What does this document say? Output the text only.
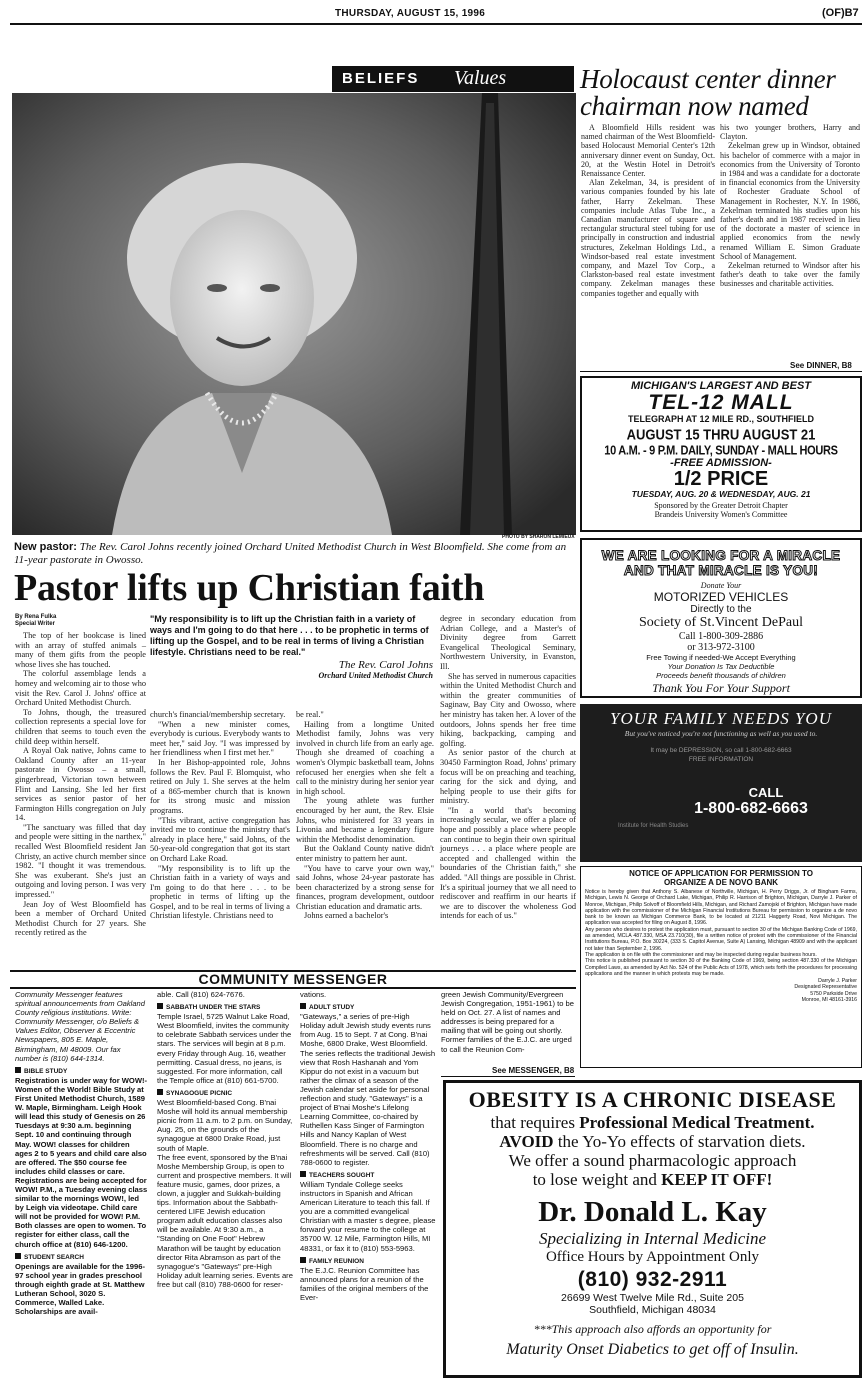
THURSDAY, AUGUST 15, 1996	(OF)B7
BELIEFS Values
PHOTO BY SHARON LEMIEUX
New pastor: The Rev. Carol Johns recently joined Orchard United Methodist Church in West Bloomfield. She come from an 11-year pastorate in Owosso.
Pastor lifts up Christian faith
By Rena Fulka
Special Writer	"My responsibility is to lift up the Christian faith in a variety of ways and I'm going to do that here . . . to be prophetic in terms of lifting up the Gospel, and to be real in terms of living a Christian lifestyle. Christians need to be real."
The Rev. Carol Johns
Orchard United Methodist Church

The top of her bookcase is lined with an array of stuffed animals – many of them gifts from the people whose lives she has touched.

The colorful assemblage lends a homey and welcoming air to those who visit the Rev. Carol J. Johns' office at Orchard United Methodist Church.

To Johns, though, the treasured collection represents a special love for children that seems to touch even the child deep within herself.

A Royal Oak native, Johns came to Oakland County after an 11-year pastorate in Owosso – a small, gingerbread, Victorian town between Flint and Lansing. She led her first services as senior pastor of her Farmington Hills congregation on July 14.

"The sanctuary was filled that day and people were sitting in the narthex," recalled West Bloomfield resident Jan Christy, an active church member since 1982. "I thought it was tremendous. She was exuberant. She's just an outgoing and loving person. I was very impressed."

Jean Joy of West Bloomfield has been a member of Orchard United Methodist Church for 27 years. She recently retired as the

church's financial/membership secretary.

"When a new minister comes, everybody is curious. Everybody wants to meet her," said Joy. "I was impressed by her friendliness when I first met her."

In her Bishop-appointed role, Johns follows the Rev. Paul F. Blomquist, who retired on July 1. She serves at the helm of a 865-member church that is known for its strong music and mission programs.

"This vibrant, active congregation has invited me to continue the ministry that's already in place here," said Johns, of the 50-year-old congregation that got its start on Orchard Lake Road.

"My responsibility is to lift up the Christian faith in a variety of ways and I'm going to do that here . . . to be prophetic in terms of lifting up the Gospel, and to be real in terms of living a Christian lifestyle. Christians need to

be real."

Hailing from a longtime United Methodist family, Johns was very involved in church life from an early age. Though she dreamed of coaching a women's Olympic basketball team, Johns refocused her energies when she felt a call to the ministry during her senior year in high school.

The young athlete was further encouraged by her aunt, the Rev. Elsie Johns, who ministered for 33 years in Livonia and became a legendary figure within the Methodist denomination.

But the Oakland County native didn't enter ministry to pattern her aunt.

"You have to carve your own way," said Johns, whose 24-year pastorate has been characterized by a strong sense for finances, program development, outdoor Christian education and dramatic arts.

Johns earned a bachelor's

degree in secondary education from Adrian College, and a Master's of Divinity degree from Garrett Evangelical Theological Seminary, Northwestern University, in Evanston, Ill.

She has served in numerous capacities within the United Methodist Church and within the greater communities of Saginaw, Bay City and Owosso, where her ministry has taken her. A lover of the outdoors, Johns spends her free time hiking, backpacking, camping and golfing.

As senior pastor of the church at 30450 Farmington Road, Johns' primary focus will be on preaching and teaching, caring for the sick and dying, and helping people to use their gifts for ministry.

"In a world that's becoming increasingly secular, we offer a place of hope and possibly a place where people can continue to begin their own spiritual journeys . . . a place where people are accepted and challenged within the boundaries of the Christian faith," she added. "All things are possible in Christ. It's a spiritual journey that we all need to rediscover and reaffirm in our hearts if we are to discover the wholeness God intends for each of us."

Holocaust center dinner chairman now named

A Bloomfield Hills resident was named chairman of the West Bloomfield-based Holocaust Memorial Center's 12th anniversary dinner event on Sunday, Oct. 20, at the Westin Hotel in Detroit's Renaissance Center.

Alan Zekelman, 34, is president of various companies founded by his late father, Harry Zekelman. These companies include Atlas Tube Inc., a Canadian manufacturer of square and rectangular structural steel tubing for use principally in construction and industrial structures, Zekelman Holdings Ltd., a Windsor-based real estate investment company, and Mazel Tov Corp., a Clarkston-based real estate investment company. Zekelman manages these companies together and equally with

his two younger brothers, Harry and Clayton.

Zekelman grew up in Windsor, obtained his bachelor of commerce with a major in economics from the University of Toronto in 1984 and was a candidate for a doctorate in financial economics from the University of Rochester Graduate School of Management in Rochester, N.Y. In 1986, Zekelman terminated his studies upon his father's death and in 1987 received in lieu of the doctorate a master of science in applied economics from the newly renamed William E. Simon Graduate School of Management.

Zekelman returned to Windsor after his father's death to take over the family businesses and charitable activities.

See DINNER, B8
MICHIGAN'S LARGEST AND BEST
TEL-12 MALL
TELEGRAPH AT 12 MILE RD., SOUTHFIELD
AUGUST 15 THRU AUGUST 21
10 A.M. - 9 P.M. DAILY, SUNDAY - MALL HOURS
-FREE ADMISSION-
1/2 PRICE
TUESDAY, AUG. 20 & WEDNESDAY, AUG. 21
Sponsored by the Greater Detroit Chapter
Brandeis University Women's Committee
WE ARE LOOKING FOR A MIRACLE
AND THAT MIRACLE IS YOU!
Donate Your
MOTORIZED VEHICLES
Directly to the
Society of St.Vincent DePaul
Call 1-800-309-2886
or 313-972-3100
Free Towing if needed-We Accept Everything
Your Donation Is Tax Deductible
Proceeds benefit thousands of children
Thank You For Your Support
YOUR FAMILY NEEDS YOU
But you've noticed you're not functioning as well as you used to.
It may be DEPRESSION, so call 1-800-682-6663
FREE INFORMATION
CALL
1-800-682-6663
Institute for Health Studies
NOTICE OF APPLICATION FOR PERMISSION TO
ORGANIZE A DE NOVO BANK

Notice is hereby given that Anthony S. Albanese of Northville, Michigan, H. Perry Driggs, Jr. of Bingham Farms, Michigan, Lewis N. George of Orchard Lake, Michigan, Philip R. Harrison of Brighton, Michigan, Darryle J. Parker of Monroe, Michigan, Philip Solvoff of Bloomfield Hills, Michigan, and Richard Zamojski of Brighton, Michigan have made application with the commissioner of the Michigan Financial Institutions Bureau for permission to organize a de novo bank to be known as Michigan Commerce Bank, to be located at 21211 Haggerty Road, Novi Michigan. The application was accepted for filing on August 8, 1996.

Any person who desires to protest the application must, pursuant to section 30 of the Michigan Banking Code of 1969, as amended, MCLA 487.330, MSA 23.710(30), file a written notice of protest with the commissioner of the Financial Institutions Bureau, P.O. Box 30224, (333 S. Capitol Avenue, Suite A) Lansing, Michigan 48909 and with the applicant not later than September 2, 1996.

The application is on file with the commissioner and may be inspected during regular business hours.

This notice is published pursuant to section 30 of the Banking Code of 1969, being section 487.330 of the Michigan Compiled Laws, as amended by Act No. 524 of the Public Acts of 1978, which sets forth the procedures for processing applications and the manner in which protests may be made.

Darryle J. Parker
Designated Representative
5750 Parkside Drive
Monroe, MI 48161-3916
COMMUNITY MESSENGER
Community Messenger features spiritual announcements from Oakland County religious institutions. Write: Community Messenger, c/o Beliefs & Values Editor, Observer & Eccentric Newspapers, 805 E. Maple, Birmingham, MI 48009. Our fax number is (810) 644-1314.
BIBLE STUDY
Registration is under way for WOW!-Women of the World! Bible Study at First United Methodist Church, 1589 W. Maple, Birmingham. Leigh Hook will lead this study of Genesis on 26 Tuesdays at 9:30 a.m. beginning Sept. 10 and continuing through May. WOW! classes for children ages 2 to 5 years and child care also are offered. The $50 course fee includes child classes or care.
Registrations are being accepted for WOW! P.M., a Tuesday evening class similar to the mornings WOW!, led by Leigh via videotape. Child care will not be provided for WOW! P.M. Both classes are open to women. To register for either class, call the church office at (810) 646-1200.
STUDENT SEARCH
Openings are available for the 1996-97 school year in grades preschool through eighth grade at St. Matthew Lutheran School, 3020 S. Commerce, Walled Lake. Scholarships are avail-
able. Call (810) 624-7676.
SABBATH UNDER THE STARS
Temple Israel, 5725 Walnut Lake Road, West Bloomfield, invites the community to celebrate Sabbath services under the stars. The services will begin at 8 p.m. every Friday through Aug. 16, weather permitting. Casual dress, no jeans, is suggested. For more information, call the Temple office at (810) 661-5700.
SYNAGOGUE PICNIC
West Bloomfield-based Cong. B'nai Moshe will hold its annual membership picnic from 11 a.m. to 2 p.m. on Sunday, Aug. 25, on the grounds of the synagogue at 6800 Drake Road, just south of Maple.
The free event, sponsored by the B'nai Moshe Membership Group, is open to current and prospective members. It will feature music, games, door prizes, a clown, a juggler and Sukkah-building tips. Information about the Sabbath-centered LIFE Jewish education program adult education classes also will be available. At 9:30 a.m., a "Standing on One Foot" Hebrew Marathon will be taught by education director Rita Abramson as part of the synagogue's "Gateways" pre-High Holiday adult learning series. Events are free but call (810) 788-0600 for reser-
vations.
ADULT STUDY
"Gateways," a series of pre-High Holiday adult Jewish study events runs from Aug. 15 to Sept. 7 at Cong. B'nai Moshe, 6800 Drake, West Bloomfield. The series reflects the traditional Jewish view that Rosh Hashanah and Yom Kippur do not exist in a vacuum but rather the climax of a season of the Jewish calendar set aside for personal reflection and study. "Gateways" is a project of B'nai Moshe's Lifelong Learning Committee, co-chaired by Ruthellen Kass Singer of Farmington Hills and Nancy Kaplan of West Bloomfield. There is no charge and refreshments will be served. Call (810) 788-0600 to register.
TEACHERS SOUGHT
William Tyndale College seeks instructors in Spanish and African American Literature to teach this fall. If you are a committed evangelical Christian with a master s degree, please forward your resume to the college at 35700 W. 12 Mile, Farmington Hills, MI 48331, or fax it to (810) 553-5963.
FAMILY REUNION
The E.J.C. Reunion Committee has announced plans for a reunion of the families of the original members of the Ever-
green Jewish Community/Evergreen Jewish Congregation, 1951-1961) to be held on Oct. 27. A list of names and addresses is being prepared for a mailing that will be going out shortly. Former families of the E.J.C. are urged to call the Reunion Com-
See MESSENGER, B8
OBESITY IS A CHRONIC DISEASE
that requires Professional Medical Treatment.
AVOID the Yo-Yo effects of starvation diets.
We offer a sound pharmacologic approach
to lose weight and KEEP IT OFF!
Dr. Donald L. Kay
Specializing in Internal Medicine
Office Hours by Appointment Only
(810) 932-2911
26699 West Twelve Mile Rd., Suite 205
Southfield, Michigan 48034
***This approach also affords an opportunity for
Maturity Onset Diabetics to get off of Insulin.
